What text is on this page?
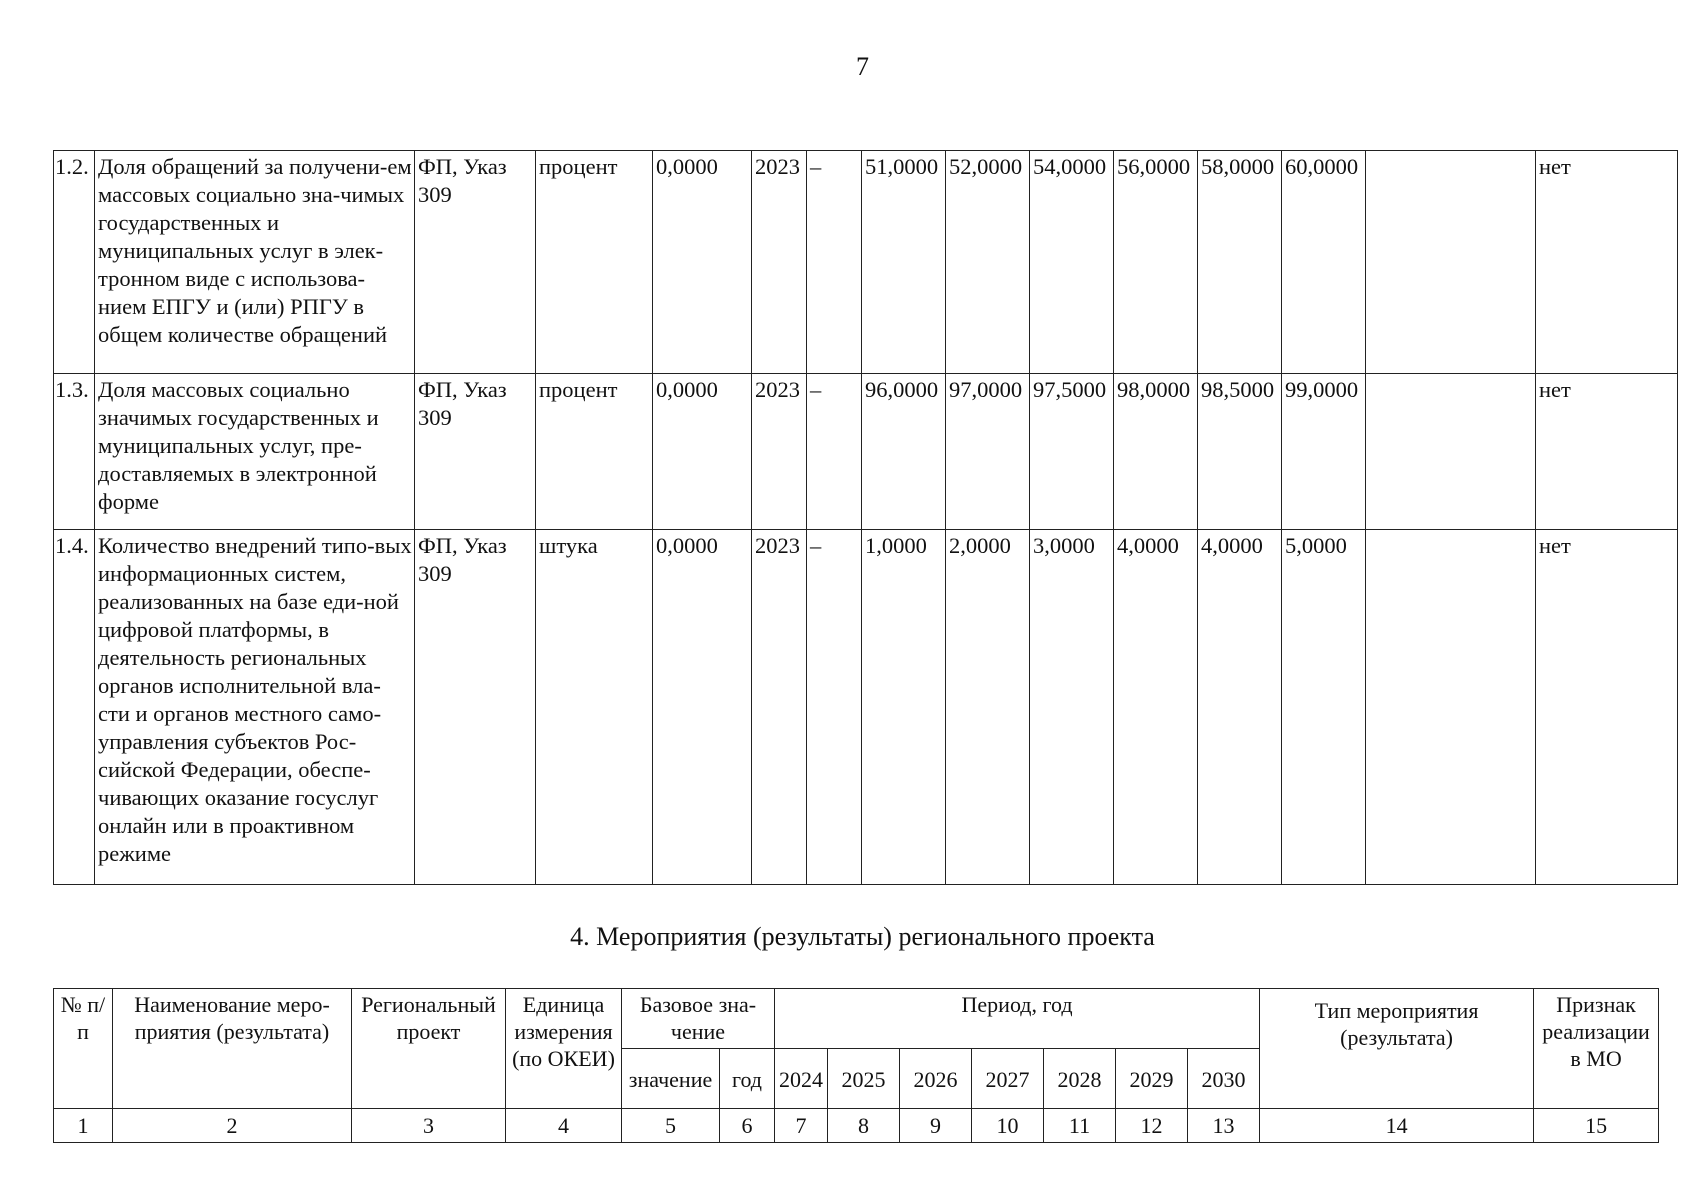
7
1.2.	Доля обращений за получени-ем массовых социально зна-чимых государственных и муниципальных услуг в элек-тронном виде с использова-нием ЕПГУ и (или) РПГУ в общем количестве обращений	ФП, Указ 309	процент	0,0000	2023	–	51,0000	52,0000	54,0000	56,0000	58,0000	60,0000		нет
1.3.	Доля массовых социально значимых государственных и муниципальных услуг, пре-доставляемых в электронной форме	ФП, Указ 309	процент	0,0000	2023	–	96,0000	97,0000	97,5000	98,0000	98,5000	99,0000		нет
1.4.	Количество внедрений типо-вых информационных систем, реализованных на базе еди-ной цифровой платформы, в деятельность региональных органов исполнительной вла-сти и органов местного само-управления субъектов Рос-сийской Федерации, обеспе-чивающих оказание госуслуг онлайн или в проактивном режиме	ФП, Указ 309	штука	0,0000	2023	–	1,0000	2,0000	3,0000	4,0000	4,0000	5,0000		нет
4. Мероприятия (результаты) регионального проекта
№ п/п	Наименование меро-приятия (результата)	Региональный проект	Единица измерения (по ОКЕИ)	Базовое зна-чение		Период, год							Тип мероприятия (результата)	Признак реализации в МО
				значение	год	2024	2025	2026	2027	2028	2029	2030		
1	2	3	4	5	6	7	8	9	10	11	12	13	14	15
